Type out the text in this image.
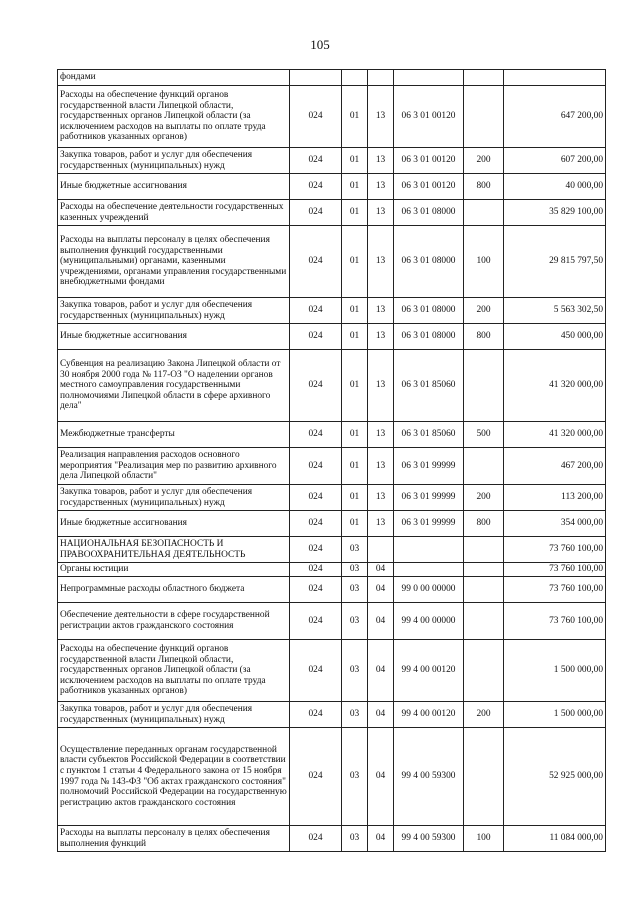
105
фондами						
Расходы на обеспечение функций органов государственной власти Липецкой области, государственных органов Липецкой области (за исключением расходов на выплаты по оплате труда работников указанных органов)	024	01	13	06 3 01 00120		647 200,00
Закупка товаров, работ и услуг для обеспечения государственных (муниципальных) нужд	024	01	13	06 3 01 00120	200	607 200,00
Иные бюджетные ассигнования	024	01	13	06 3 01 00120	800	40 000,00
Расходы на обеспечение деятельности государственных казенных учреждений	024	01	13	06 3 01 08000		35 829 100,00
Расходы на выплаты персоналу в целях обеспечения выполнения функций государственными (муниципальными) органами, казенными учреждениями, органами управления государственными внебюджетными фондами	024	01	13	06 3 01 08000	100	29 815 797,50
Закупка товаров, работ и услуг для обеспечения государственных (муниципальных) нужд	024	01	13	06 3 01 08000	200	5 563 302,50
Иные бюджетные ассигнования	024	01	13	06 3 01 08000	800	450 000,00
Субвенция на реализацию Закона Липецкой области от 30 ноября 2000 года № 117-ОЗ "О наделении органов местного самоуправления государственными полномочиями Липецкой области в сфере архивного дела"	024	01	13	06 3 01 85060		41 320 000,00
Межбюджетные трансферты	024	01	13	06 3 01 85060	500	41 320 000,00
Реализация направления расходов основного мероприятия "Реализация мер по развитию архивного дела Липецкой области"	024	01	13	06 3 01 99999		467 200,00
Закупка товаров, работ и услуг для обеспечения государственных (муниципальных) нужд	024	01	13	06 3 01 99999	200	113 200,00
Иные бюджетные ассигнования	024	01	13	06 3 01 99999	800	354 000,00
НАЦИОНАЛЬНАЯ БЕЗОПАСНОСТЬ И ПРАВООХРАНИТЕЛЬНАЯ ДЕЯТЕЛЬНОСТЬ	024	03				73 760 100,00
Органы юстиции	024	03	04			73 760 100,00
Непрограммные расходы областного бюджета	024	03	04	99 0 00 00000		73 760 100,00
Обеспечение деятельности в сфере государственной регистрации актов гражданского состояния	024	03	04	99 4 00 00000		73 760 100,00
Расходы на обеспечение функций органов государственной власти Липецкой области, государственных органов Липецкой области (за исключением расходов на выплаты по оплате труда работников указанных органов)	024	03	04	99 4 00 00120		1 500 000,00
Закупка товаров, работ и услуг для обеспечения государственных (муниципальных) нужд	024	03	04	99 4 00 00120	200	1 500 000,00
Осуществление переданных органам государственной власти субъектов Российской Федерации в соответствии с пунктом 1 статьи 4 Федерального закона от 15 ноября 1997 года № 143-ФЗ "Об актах гражданского состояния" полномочий Российской Федерации на государственную регистрацию актов гражданского состояния	024	03	04	99 4 00 59300		52 925 000,00
Расходы на выплаты персоналу в целях обеспечения выполнения функций	024	03	04	99 4 00 59300	100	11 084 000,00
